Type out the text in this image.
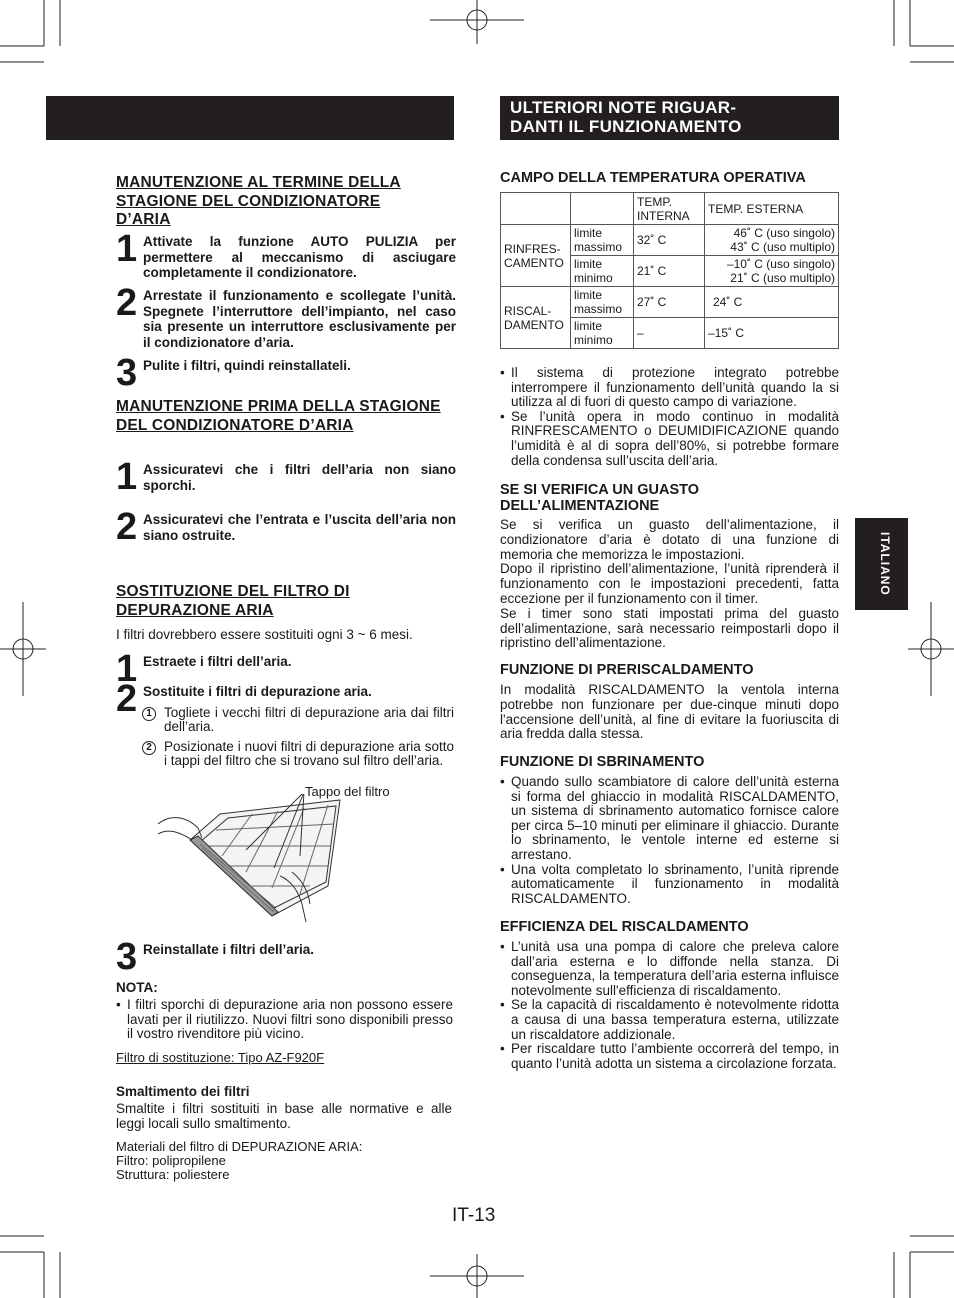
MANUTENZIONE AL TERMINE DELLA STAGIONE DEL CONDIZIONATORE D’ARIA
1 Attivate la funzione AUTO PULIZIA per permettere al meccanismo di asciugare completamente il condizionatore.
2 Arrestate il funzionamento e scollegate l’unità. Spegnete l’interruttore dell’impianto, nel caso sia presente un interruttore esclusivamente per il condizionatore d’aria.
3 Pulite i filtri, quindi reinstallateli.
MANUTENZIONE PRIMA DELLA STAGIONE DEL CONDIZIONATORE D’ARIA
1 Assicuratevi che i filtri dell’aria non siano sporchi.
2 Assicuratevi che l’entrata e l’uscita dell’aria non siano ostruite.
SOSTITUZIONE DEL FILTRO DI DEPURAZIONE ARIA
I filtri dovrebbero essere sostituiti ogni 3 ~ 6 mesi.
1 Estraete i filtri dell’aria.
2 Sostituite i filtri di depurazione aria.
1 Togliete i vecchi filtri di depurazione aria dai filtri dell’aria.
2 Posizionate i nuovi filtri di depurazione aria sotto i tappi del filtro che si trovano sul filtro dell’aria.
Tappo del filtro
3 Reinstallate i filtri dell’aria.
NOTA:
• I filtri sporchi di depurazione aria non possono essere lavati per il riutilizzo. Nuovi filtri sono disponibili presso il vostro rivenditore più vicino.
Filtro di sostituzione: Tipo AZ-F920F
Smaltimento dei filtri
Smaltite i filtri sostituiti in base alle normative e alle leggi locali sullo smaltimento.
Materiali del filtro di DEPURAZIONE ARIA:
Filtro: polipropilene
Struttura: poliestere
ULTERIORI NOTE RIGUAR-
DANTI IL FUNZIONAMENTO
CAMPO DELLA TEMPERATURA OPERATIVA
		TEMP. INTERNA	TEMP. ESTERNA
RINFRES- CAMENTO	limite massimo	32˚ C	46˚ C (uso singolo)
43˚ C (uso multiplo)

	limite minimo	21˚ C	–10˚ C (uso singolo)
21˚ C (uso multiplo)

RISCAL- DAMENTO	limite massimo	27˚ C	24˚ C
	limite minimo	–	–15˚ C
• Il sistema di protezione integrato potrebbe interrompere il funzionamento dell’unità quando la si utilizza al di fuori di questo campo di variazione.
• Se l’unità opera in modo continuo in modalità RINFRESCAMENTO o DEUMIDIFICAZIONE quando l’umidità è al di sopra dell’80%, si potrebbe formare della condensa sull’uscita dell’aria.
SE SI VERIFICA UN GUASTO DELL’ALIMENTAZIONE
Se si verifica un guasto dell’alimentazione, il condizionatore d’aria è dotato di una funzione di memoria che memorizza le impostazioni.
Dopo il ripristino dell’alimentazione, l’unità riprenderà il funzionamento con le impostazioni precedenti, fatta eccezione per il funzionamento con il timer.
Se i timer sono stati impostati prima del guasto dell’alimentazione, sarà necessario reimpostarli dopo il ripristino dell’alimentazione.
FUNZIONE DI PRERISCALDAMENTO
In modalità RISCALDAMENTO la ventola interna potrebbe non funzionare per due-cinque minuti dopo l'accensione dell’unità, al fine di evitare la fuoriuscita di aria fredda dalla stessa.
FUNZIONE DI SBRINAMENTO
• Quando sullo scambiatore di calore dell’unità esterna si forma del ghiaccio in modalità RISCALDAMENTO, un sistema di sbrinamento automatico fornisce calore per circa 5–10 minuti per eliminare il ghiaccio. Durante lo sbrinamento, le ventole interne ed esterne si arrestano.
• Una volta completato lo sbrinamento, l’unità riprende automaticamente il funzionamento in modalità RISCALDAMENTO.
EFFICIENZA DEL RISCALDAMENTO
• L’unità usa una pompa di calore che preleva calore dall’aria esterna e lo diffonde nella stanza. Di conseguenza, la temperatura dell’aria esterna influisce notevolmente sull'efficienza di riscaldamento.
• Se la capacità di riscaldamento è notevolmente ridotta a causa di una bassa temperatura esterna, utilizzate un riscaldatore addizionale.
• Per riscaldare tutto l’ambiente occorrerà del tempo, in quanto l’unità adotta un sistema a circolazione forzata.
ITALIANO
IT-13
